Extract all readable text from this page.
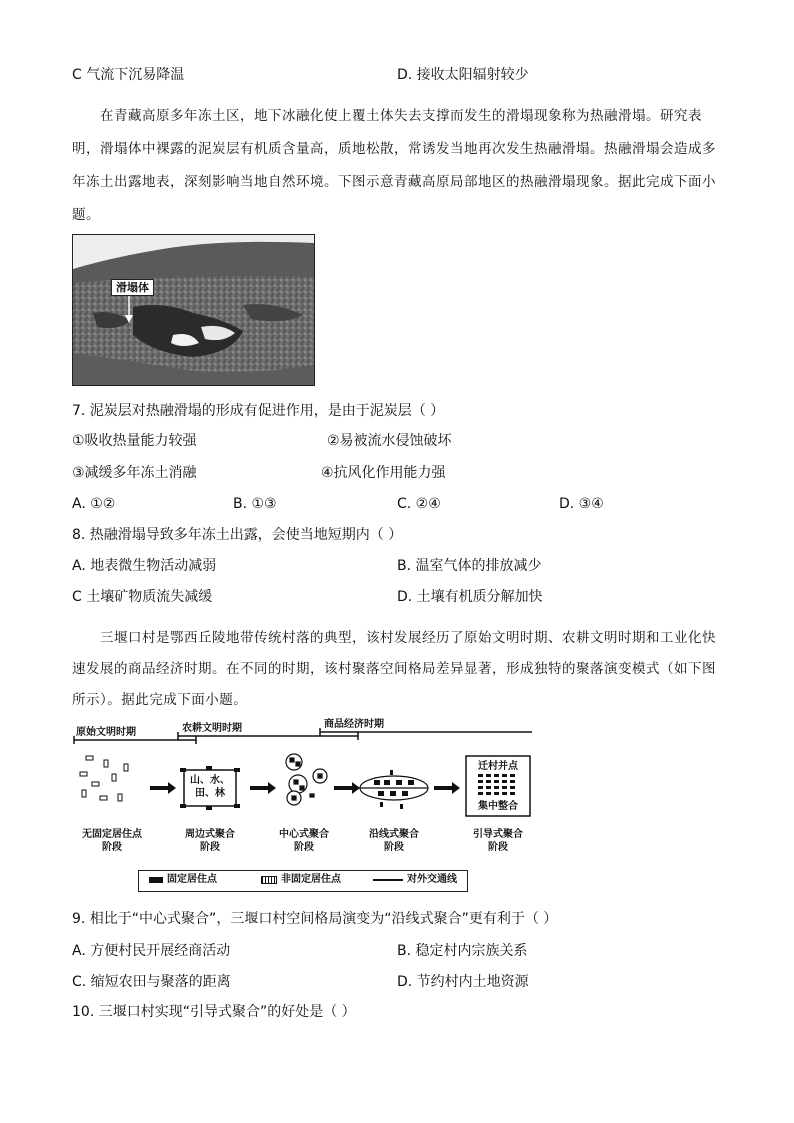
C 气流下沉易降温	D. 接收太阳辐射较少
在青藏高原多年冻土区，地下冰融化使上覆土体失去支撑而发生的滑塌现象称为热融滑塌。研究表
明，滑塌体中裸露的泥炭层有机质含量高，质地松散，常诱发当地再次发生热融滑塌。热融滑塌会造成多
年冻土出露地表，深刻影响当地自然环境。下图示意青藏高原局部地区的热融滑塌现象。据此完成下面小
题。
滑塌体
7. 泥炭层对热融滑塌的形成有促进作用，是由于泥炭层（ ）
①吸收热量能力较强	②易被流水侵蚀破坏
③减缓多年冻土消融	④抗风化作用能力强
A. ①②	B. ①③	C. ②④	D. ③④
8. 热融滑塌导致多年冻土出露，会使当地短期内（ ）
A. 地表微生物活动减弱	B. 温室气体的排放减少
C 土壤矿物质流失减缓	D. 土壤有机质分解加快
三堰口村是鄂西丘陵地带传统村落的典型，该村发展经历了原始文明时期、农耕文明时期和工业化快
速发展的商品经济时期。在不同的时期，该村聚落空间格局差异显著，形成独特的聚落演变模式（如下图
所示）。据此完成下面小题。
原始文明时期	农耕文明时期	商品经济时期
山、水、
田、林
迁村并点
集中整合
无固定居住点
阶段
周边式聚合
阶段
中心式聚合
阶段
沿线式聚合
阶段
引导式聚合
阶段
固定居住点	非固定居住点	对外交通线
9. 相比于“中心式聚合”，三堰口村空间格局演变为“沿线式聚合”更有利于（ ）
A. 方便村民开展经商活动	B. 稳定村内宗族关系
C. 缩短农田与聚落的距离	D. 节约村内土地资源
10. 三堰口村实现“引导式聚合”的好处是（ ）
